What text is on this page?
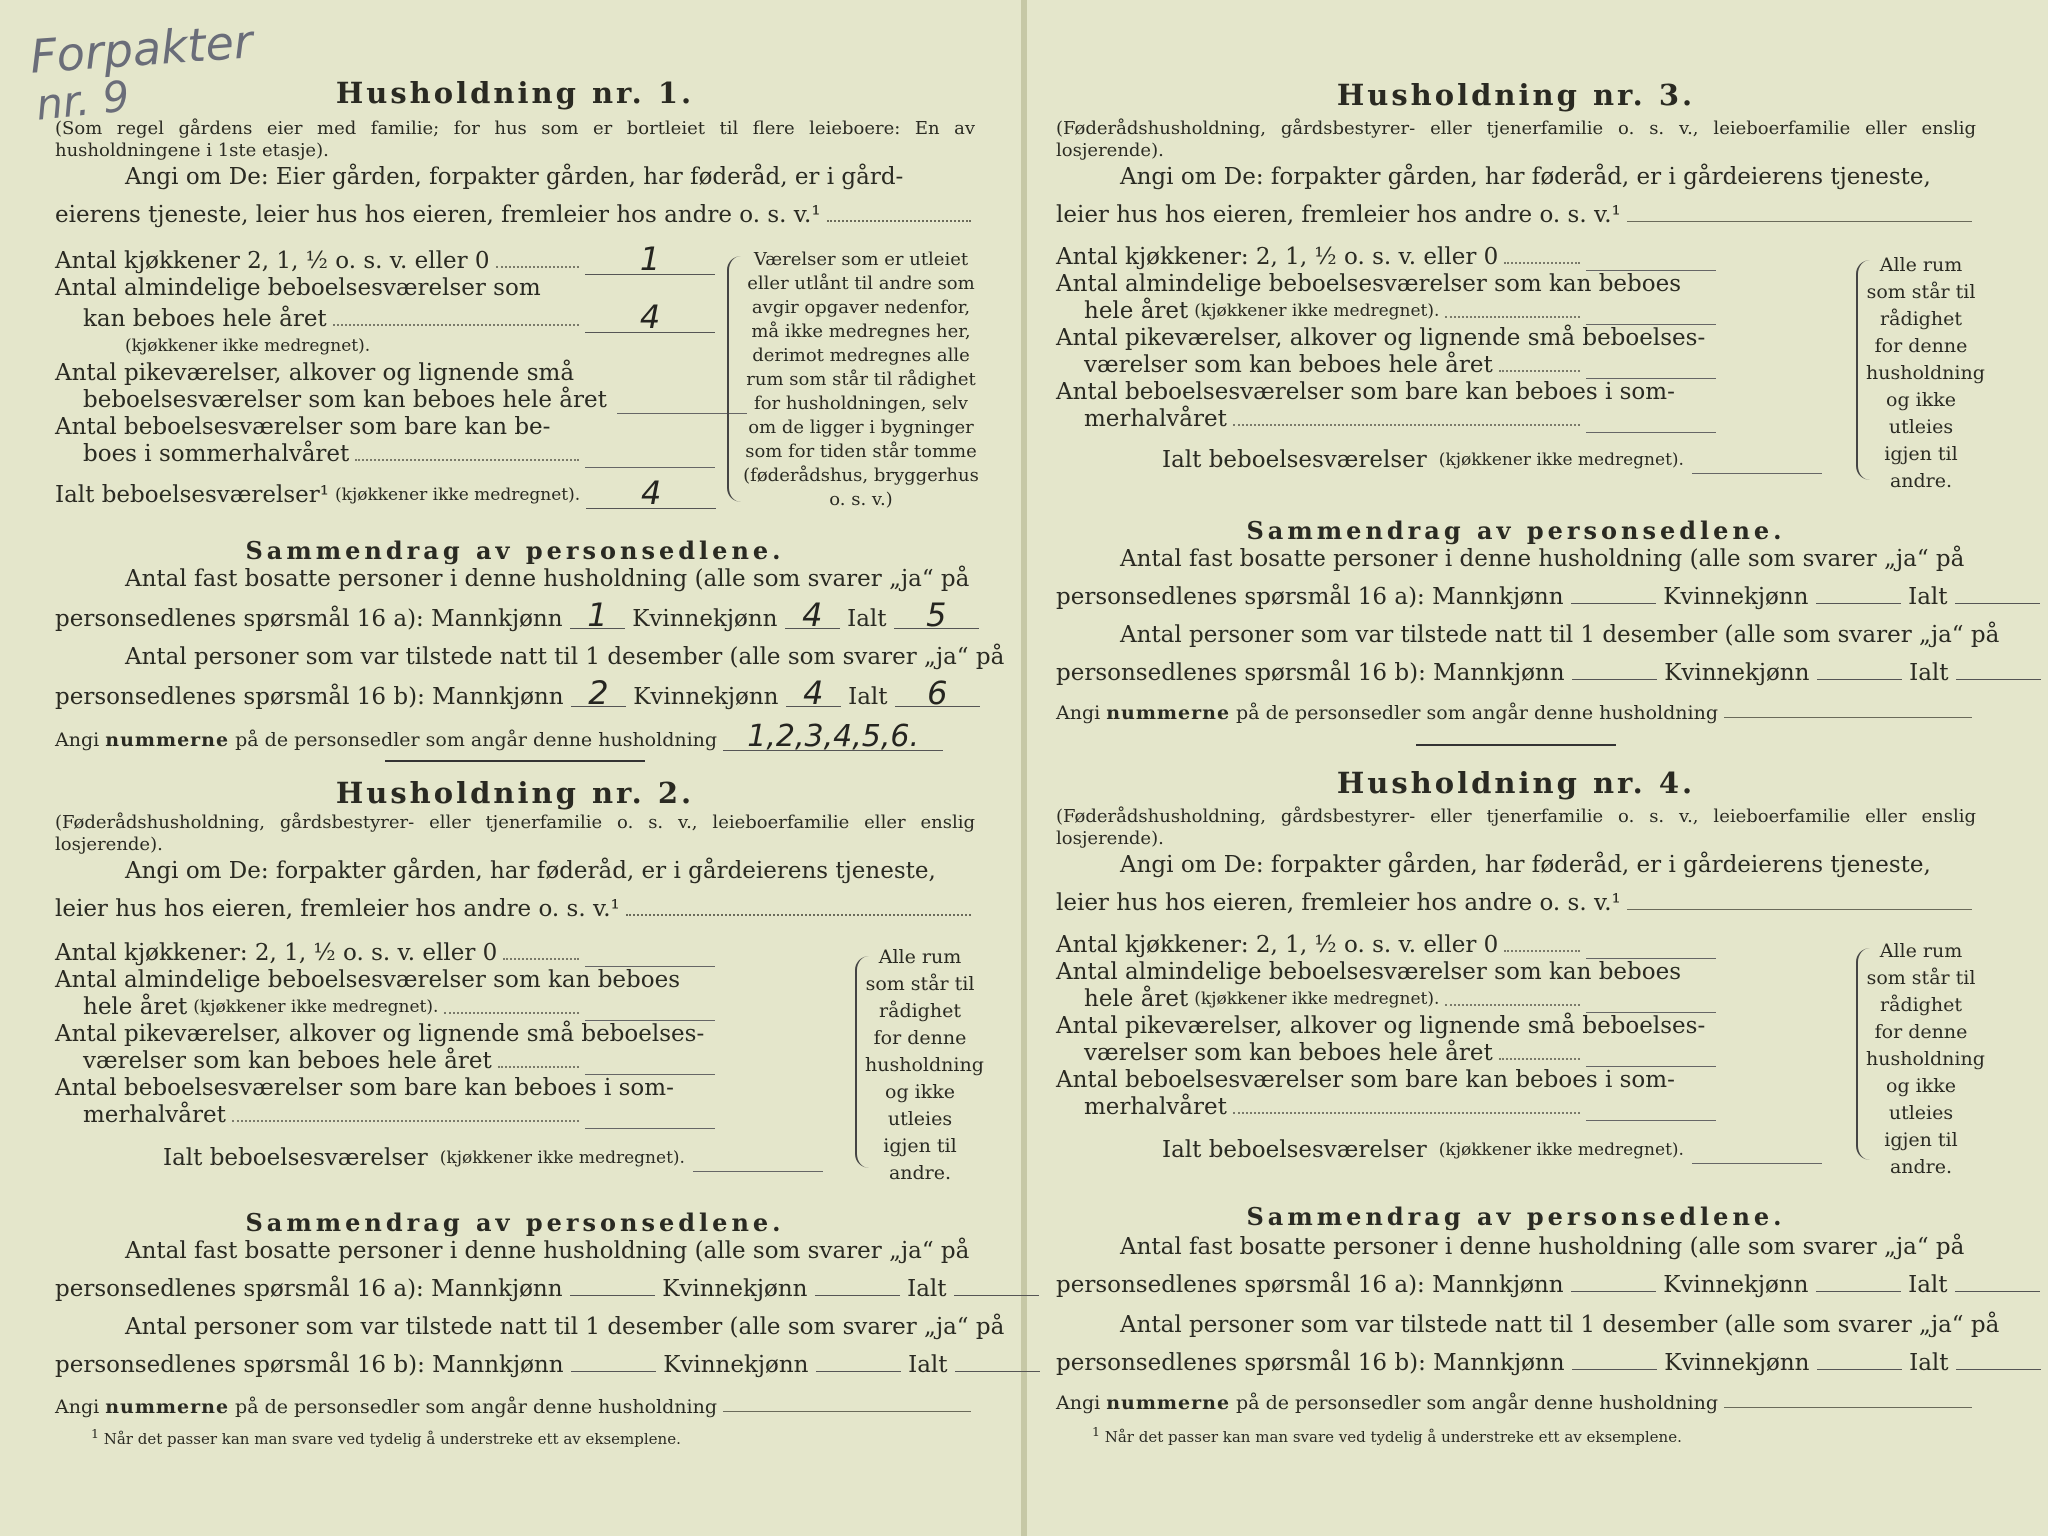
Forpakter
nr. 9	Husholdning nr. 1.
(Som regel gårdens eier med familie; for hus som er bortleiet til flere leieboere: En av husholdningene i 1ste etasje).
Angi om De: Eier gården, forpakter gården, har føderåd, er i gård-
eierens tjeneste, leier hus hos eieren, fremleier hos andre o. s. v.¹
Antal kjøkkener 2, 1, ½ o. s. v. eller 0	1
Antal almindelige beboelsesværelser som
kan beboes hele året	4
(kjøkkener ikke medregnet).
Antal pikeværelser, alkover og lignende små
beboelsesværelser som kan beboes hele året
Antal beboelsesværelser som bare kan be-
boes i sommerhalvåret
Ialt beboelsesværelser¹ (kjøkkener ikke medregnet).	4
Værelser som er utleiet eller utlånt til andre som avgir opgaver nedenfor, må ikke medregnes her, derimot medregnes alle rum som står til rådighet for husholdningen, selv om de ligger i bygninger som for tiden står tomme (føderådshus, bryggerhus o. s. v.)
Sammendrag av personsedlene.
Antal fast bosatte personer i denne husholdning (alle som svarer „ja“ på
personsedlenes spørsmål 16 a): Mannkjønn 1 Kvinnekjønn 4 Ialt 5
Antal personer som var tilstede natt til 1 desember (alle som svarer „ja“ på
personsedlenes spørsmål 16 b): Mannkjønn 2 Kvinnekjønn 4 Ialt 6
Angi nummerne på de personsedler som angår denne husholdning 1,2,3,4,5,6.
Husholdning nr. 2.
(Føderådshusholdning, gårdsbestyrer- eller tjenerfamilie o. s. v., leieboerfamilie eller enslig losjerende).
Angi om De: forpakter gården, har føderåd, er i gårdeierens tjeneste,
leier hus hos eieren, fremleier hos andre o. s. v.¹
Antal kjøkkener: 2, 1, ½ o. s. v. eller 0
Antal almindelige beboelsesværelser som kan beboes
hele året (kjøkkener ikke medregnet).
Antal pikeværelser, alkover og lignende små beboelses-
værelser som kan beboes hele året
Antal beboelsesværelser som bare kan beboes i som-
merhalvåret
Ialt beboelsesværelser (kjøkkener ikke medregnet).
Alle rum som står til rådighet for denne husholdning og ikke utleies igjen til andre.
Sammendrag av personsedlene.
Antal fast bosatte personer i denne husholdning (alle som svarer „ja“ på
personsedlenes spørsmål 16 a): Mannkjønn	Kvinnekjønn	Ialt
Antal personer som var tilstede natt til 1 desember (alle som svarer „ja“ på
personsedlenes spørsmål 16 b): Mannkjønn	Kvinnekjønn	Ialt
Angi nummerne på de personsedler som angår denne husholdning
$^1$ Når det passer kan man svare ved tydelig å understreke ett av eksemplene.
Husholdning nr. 3.
(Føderådshusholdning, gårdsbestyrer- eller tjenerfamilie o. s. v., leieboerfamilie eller enslig losjerende).
Angi om De: forpakter gården, har føderåd, er i gårdeierens tjeneste,
leier hus hos eieren, fremleier hos andre o. s. v.¹
Antal kjøkkener: 2, 1, ½ o. s. v. eller 0
Antal almindelige beboelsesværelser som kan beboes
hele året (kjøkkener ikke medregnet).
Antal pikeværelser, alkover og lignende små beboelses-
værelser som kan beboes hele året
Antal beboelsesværelser som bare kan beboes i som-
merhalvåret
Ialt beboelsesværelser (kjøkkener ikke medregnet).
Alle rum som står til rådighet for denne husholdning og ikke utleies igjen til andre.
Sammendrag av personsedlene.
Antal fast bosatte personer i denne husholdning (alle som svarer „ja“ på
personsedlenes spørsmål 16 a): Mannkjønn	Kvinnekjønn	Ialt
Antal personer som var tilstede natt til 1 desember (alle som svarer „ja“ på
personsedlenes spørsmål 16 b): Mannkjønn	Kvinnekjønn	Ialt
Angi nummerne på de personsedler som angår denne husholdning
Husholdning nr. 4.
(Føderådshusholdning, gårdsbestyrer- eller tjenerfamilie o. s. v., leieboerfamilie eller enslig losjerende).
Angi om De: forpakter gården, har føderåd, er i gårdeierens tjeneste,
leier hus hos eieren, fremleier hos andre o. s. v.¹
Antal kjøkkener: 2, 1, ½ o. s. v. eller 0
Antal almindelige beboelsesværelser som kan beboes
hele året (kjøkkener ikke medregnet).
Antal pikeværelser, alkover og lignende små beboelses-
værelser som kan beboes hele året
Antal beboelsesværelser som bare kan beboes i som-
merhalvåret
Ialt beboelsesværelser (kjøkkener ikke medregnet).
Alle rum som står til rådighet for denne husholdning og ikke utleies igjen til andre.
Sammendrag av personsedlene.
Antal fast bosatte personer i denne husholdning (alle som svarer „ja“ på
personsedlenes spørsmål 16 a): Mannkjønn	Kvinnekjønn	Ialt
Antal personer som var tilstede natt til 1 desember (alle som svarer „ja“ på
personsedlenes spørsmål 16 b): Mannkjønn	Kvinnekjønn	Ialt
Angi nummerne på de personsedler som angår denne husholdning
$^1$ Når det passer kan man svare ved tydelig å understreke ett av eksemplene.
